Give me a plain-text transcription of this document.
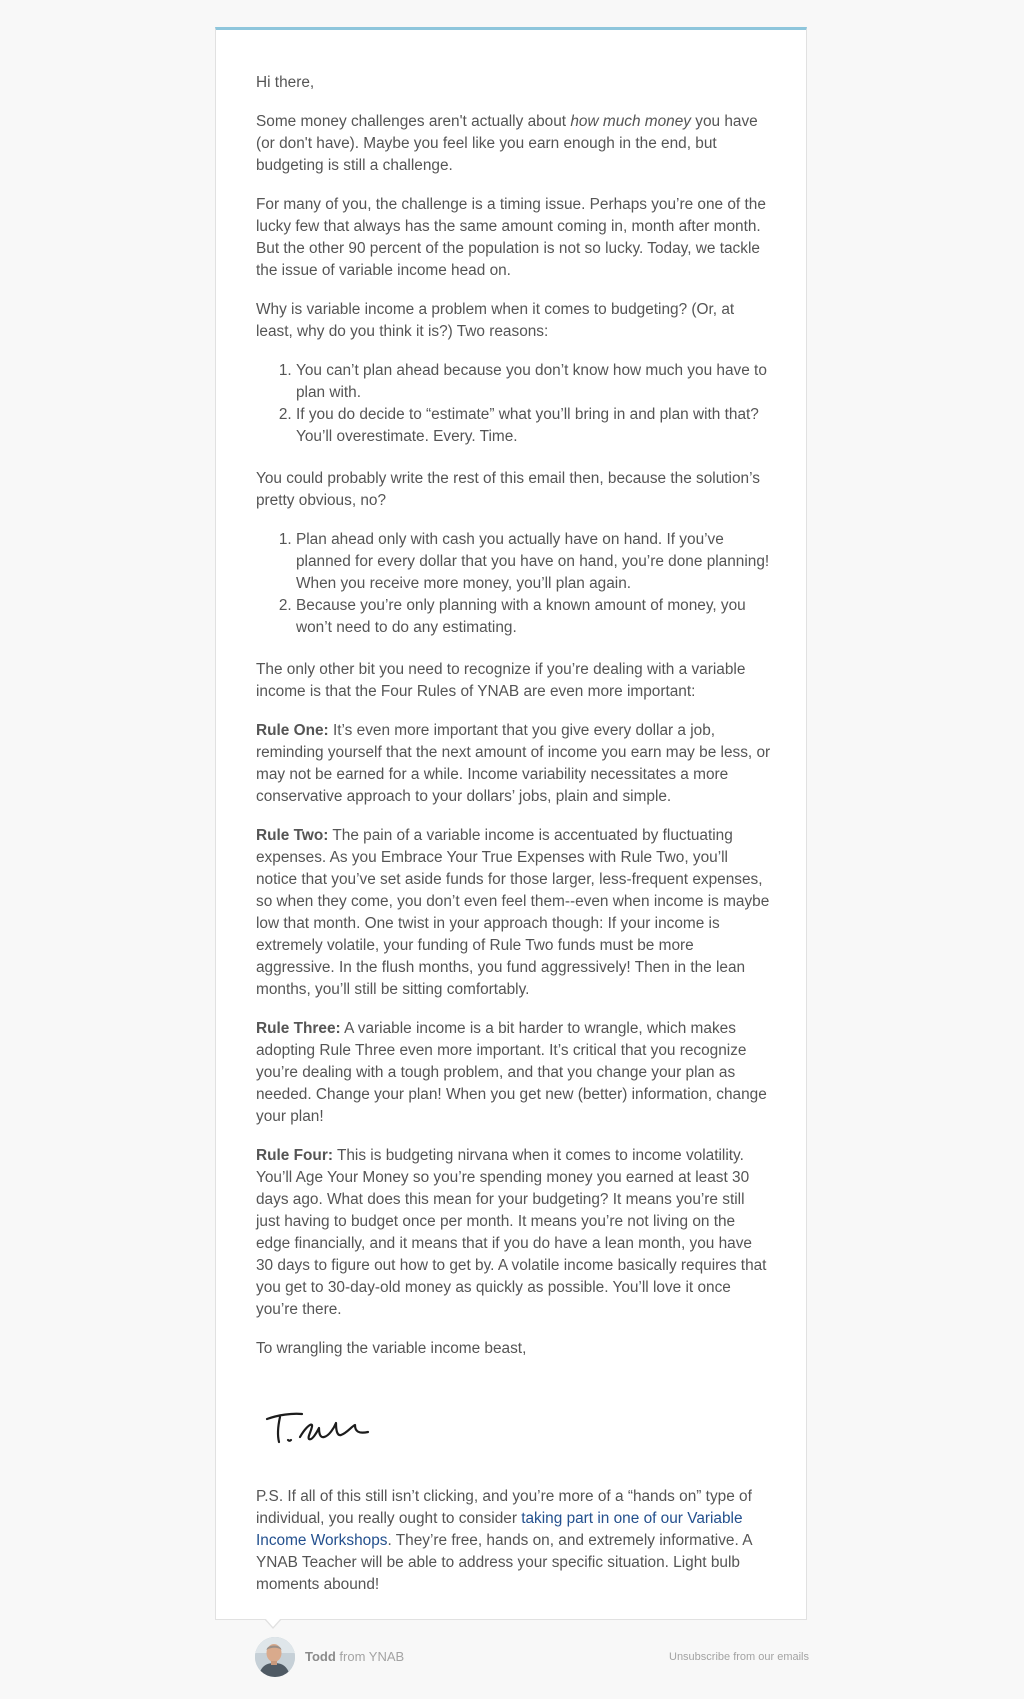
Hi there,

Some money challenges aren't actually about how much money you have (or don't have). Maybe you feel like you earn enough in the end, but budgeting is still a challenge.

For many of you, the challenge is a timing issue. Perhaps you’re one of the lucky few that always has the same amount coming in, month after month. But the other 90 percent of the population is not so lucky. Today, we tackle the issue of variable income head on.

Why is variable income a problem when it comes to budgeting? (Or, at least, why do you think it is?) Two reasons:

1. You can’t plan ahead because you don’t know how much you have to plan with.
2. If you do decide to “estimate” what you’ll bring in and plan with that? You’ll overestimate. Every. Time.

You could probably write the rest of this email then, because the solution’s pretty obvious, no?

1. Plan ahead only with cash you actually have on hand. If you’ve planned for every dollar that you have on hand, you’re done planning! When you receive more money, you’ll plan again.
2. Because you’re only planning with a known amount of money, you won’t need to do any estimating.

The only other bit you need to recognize if you’re dealing with a variable income is that the Four Rules of YNAB are even more important:

Rule One: It’s even more important that you give every dollar a job, reminding yourself that the next amount of income you earn may be less, or may not be earned for a while. Income variability necessitates a more conservative approach to your dollars’ jobs, plain and simple.

Rule Two: The pain of a variable income is accentuated by fluctuating expenses. As you Embrace Your True Expenses with Rule Two, you’ll notice that you’ve set aside funds for those larger, less-frequent expenses, so when they come, you don’t even feel them--even when income is maybe low that month. One twist in your approach though: If your income is extremely volatile, your funding of Rule Two funds must be more aggressive. In the flush months, you fund aggressively! Then in the lean months, you’ll still be sitting comfortably.

Rule Three: A variable income is a bit harder to wrangle, which makes adopting Rule Three even more important. It’s critical that you recognize you’re dealing with a tough problem, and that you change your plan as needed. Change your plan! When you get new (better) information, change your plan!

Rule Four: This is budgeting nirvana when it comes to income volatility. You’ll Age Your Money so you’re spending money you earned at least 30 days ago. What does this mean for your budgeting? It means you’re still just having to budget once per month. It means you’re not living on the edge financially, and it means that if you do have a lean month, you have 30 days to figure out how to get by. A volatile income basically requires that you get to 30-day-old money as quickly as possible. You’ll love it once you’re there.

To wrangling the variable income beast,

P.S. If all of this still isn’t clicking, and you’re more of a “hands on” type of individual, you really ought to consider taking part in one of our Variable Income Workshops. They’re free, hands on, and extremely informative. A YNAB Teacher will be able to address your specific situation. Light bulb moments abound!

Todd from YNAB	Unsubscribe from our emails
